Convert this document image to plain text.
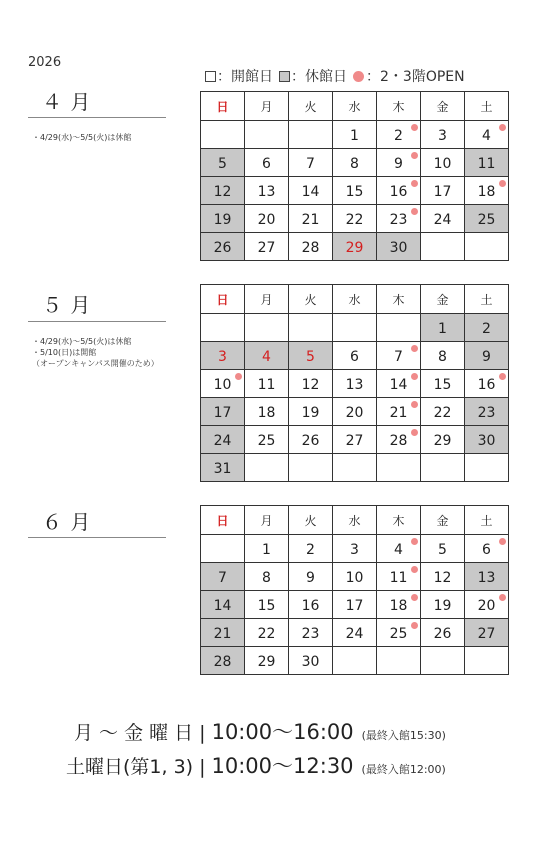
2026
：開館日 ：休館日 ：2・3階OPEN
４ 月
・4/29(水)～5/5(火)は休館
日	月	火	水	木	金	土
			1	2	3	4

5	6	7	8	9	10	11
12	13	14	15	16	17	18

19	20	21	22	23	24	25
26	27	28	29	30		
５ 月
・4/29(水)～5/5(火)は休館
・5/10(日)は開館
（オープンキャンパス開催のため）
日	月	火	水	木	金	土
					1	2
3	4	5	6	7	8	9
10	11	12	13	14	15	16

17	18	19	20	21	22	23
24	25	26	27	28	29	30
31						
６ 月	日	月	火	水	木	金	土
	1	2	3	4	5	6

7	8	9	10	11	12	13
14	15	16	17	18	19	20

21	22	23	24	25	26	27
28	29	30				
月 ～ 金 曜 日 | 10:00～16:00 (最終入館15:30)
土曜日(第1, 3) | 10:00～12:30 (最終入館12:00)
